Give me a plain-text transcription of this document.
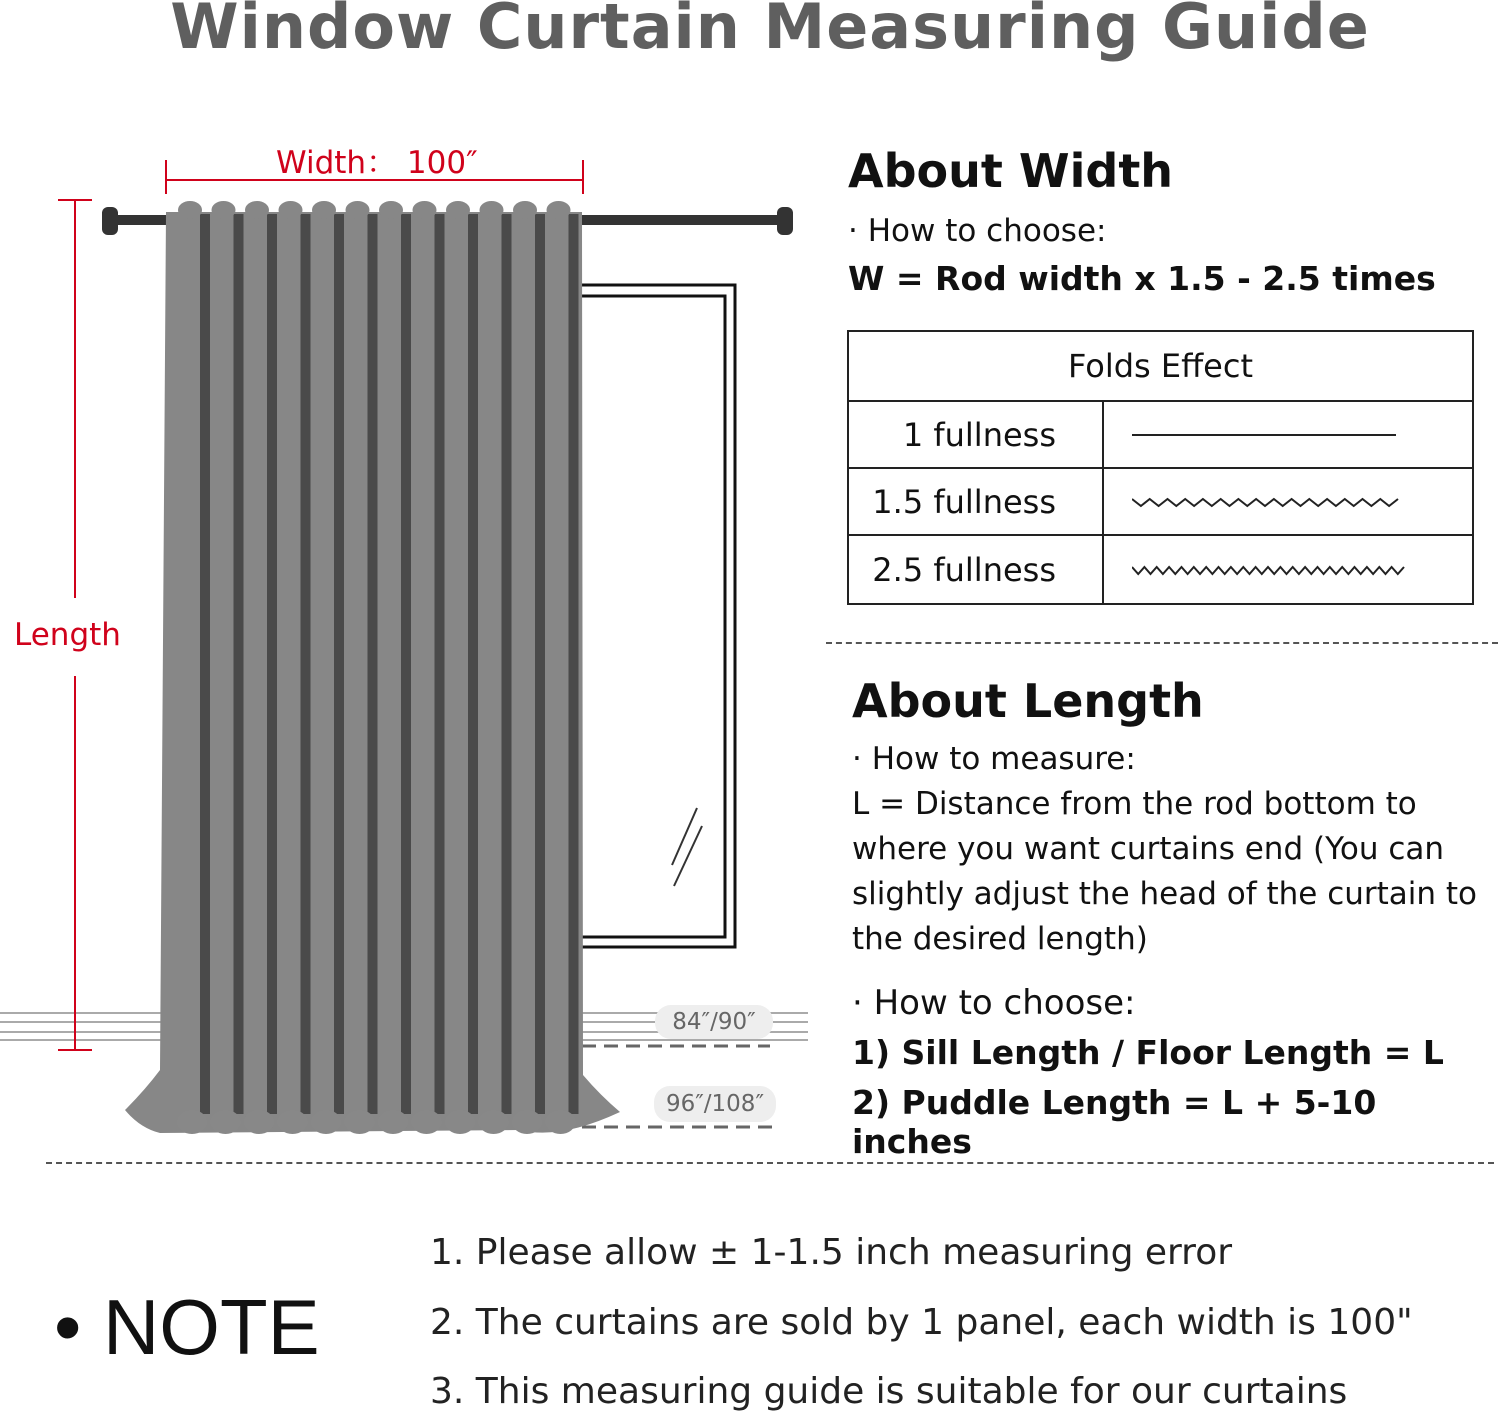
Window Curtain Measuring Guide
Width： 100″
Length
84″/90″
96″/108″
About Width
· How to choose:
W = Rod width x 1.5 - 2.5 times
Folds Effect	
1 fullness	

1.5 fullness	

2.5 fullness	
About Length
· How to measure:
L = Distance from the rod bottom to
where you want curtains end (You can
slightly adjust the head of the curtain to
the desired length)
· How to choose:
1) Sill Length / Floor Length = L
2) Puddle Length = L + 5-10 inches
• NOTE
1. Please allow ± 1-1.5 inch measuring error
2. The curtains are sold by 1 panel, each width is 100"
3. This measuring guide is suitable for our curtains
